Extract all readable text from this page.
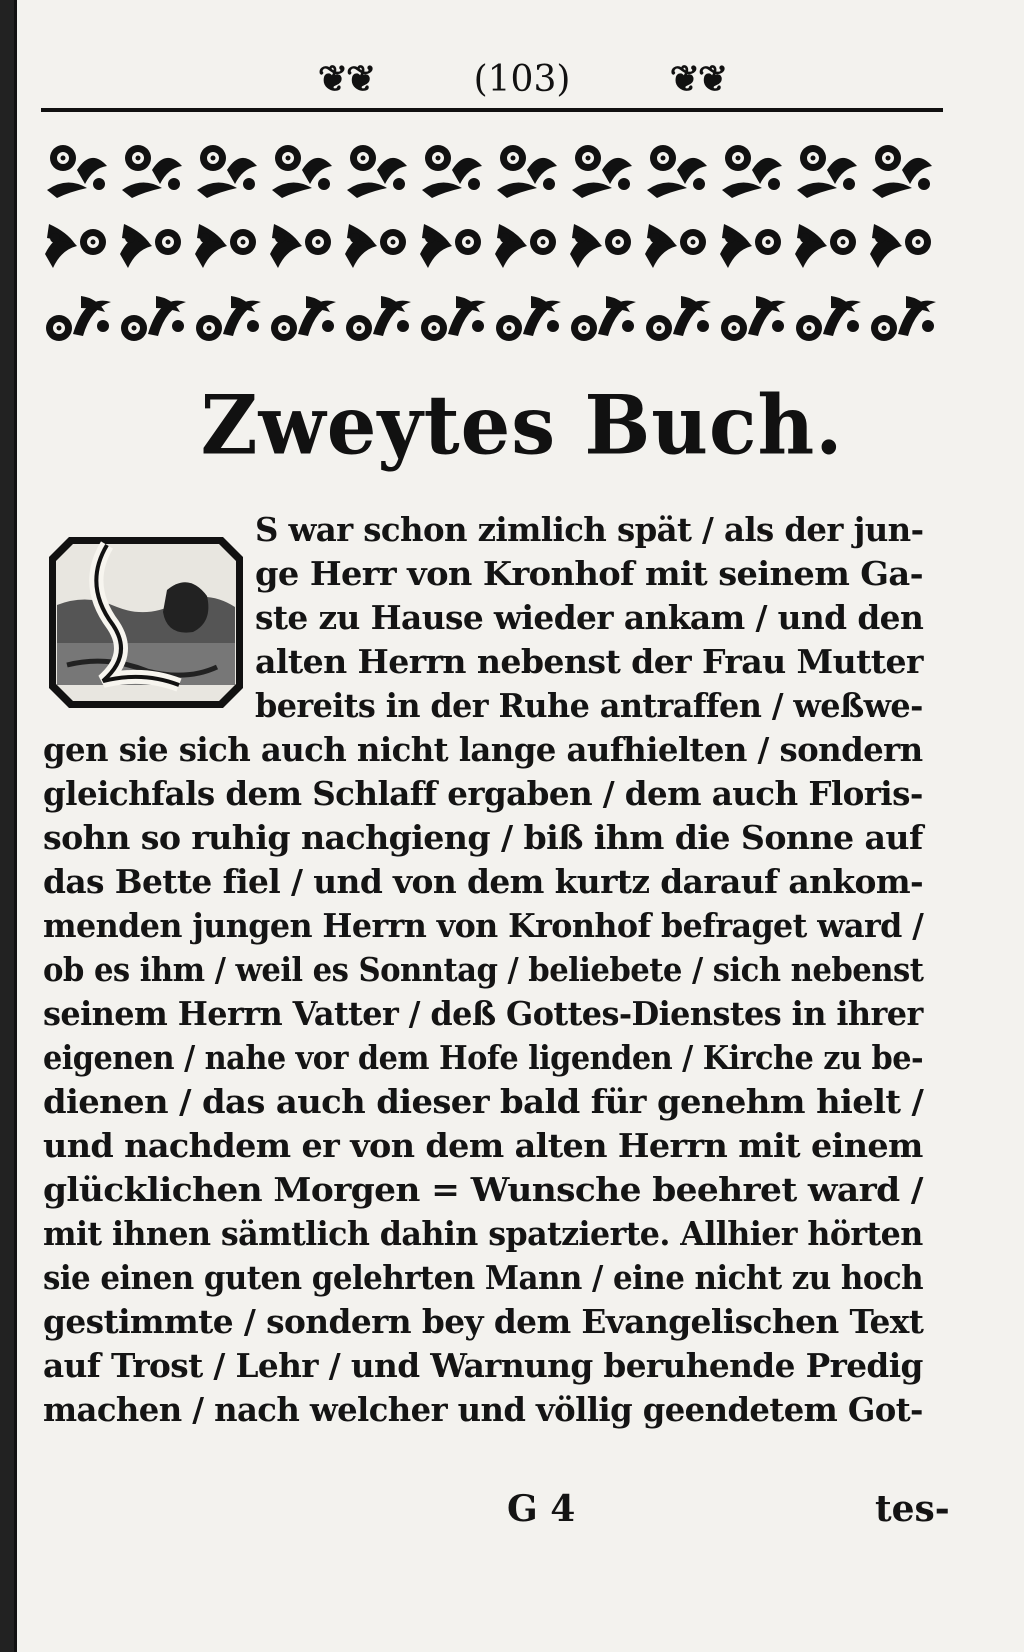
❦❦	(103)	❦❦
Zweytes Buch.
S war schon zimlich spät / als der jun-
ge Herr von Kronhof mit seinem Ga-
ste zu Hause wieder ankam / und den
alten Herrn nebenst der Frau Mutter
bereits in der Ruhe antraffen / weßwe-
gen sie sich auch nicht lange aufhielten / sondern
gleichfals dem Schlaff ergaben / dem auch Floris-
sohn so ruhig nachgieng / biß ihm die Sonne auf
das Bette fiel / und von dem kurtz darauf ankom-
menden jungen Herrn von Kronhof befraget ward /
ob es ihm / weil es Sonntag / beliebete / sich nebenst
seinem Herrn Vatter / deß Gottes-Dienstes in ihrer
eigenen / nahe vor dem Hofe ligenden / Kirche zu be-
dienen / das auch dieser bald für genehm hielt /
und nachdem er von dem alten Herrn mit einem
glücklichen Morgen = Wunsche beehret ward /
mit ihnen sämtlich dahin spatzierte. Allhier hörten
sie einen guten gelehrten Mann / eine nicht zu hoch
gestimmte / sondern bey dem Evangelischen Text
auf Trost / Lehr / und Warnung beruhende Predig
machen / nach welcher und völlig geendetem Got-
G 4	tes-
